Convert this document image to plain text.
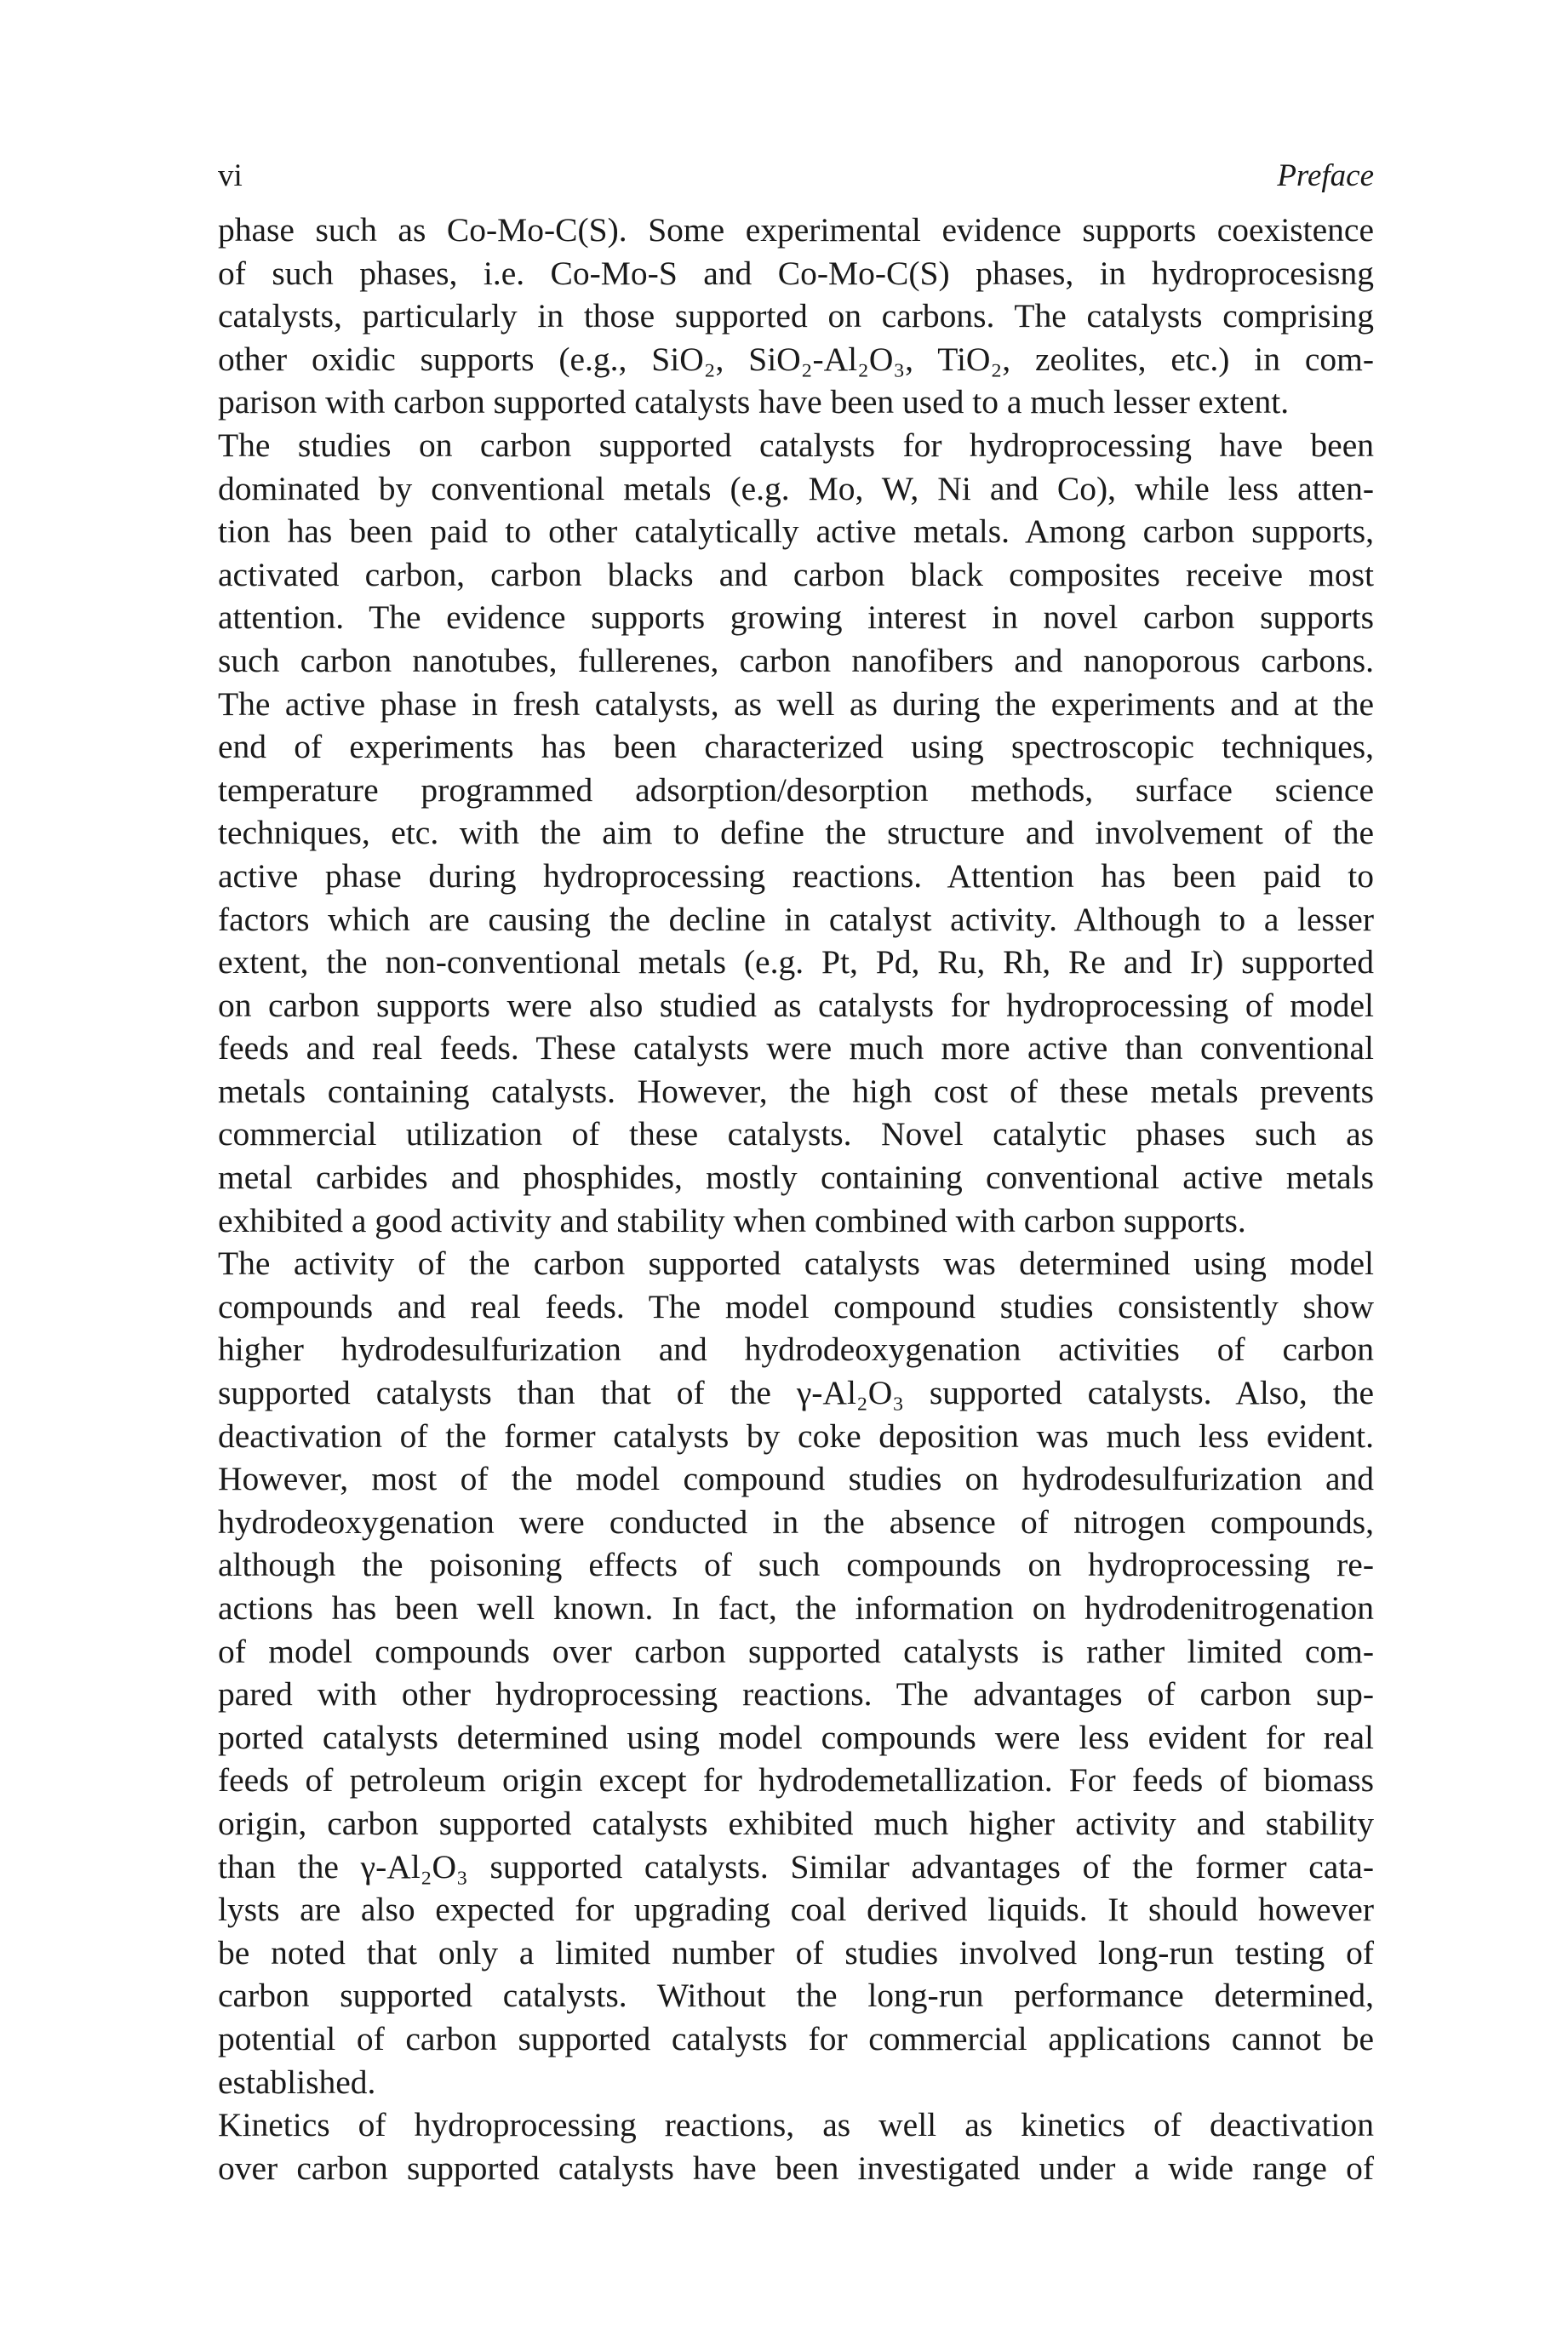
vi	Preface

phase such as Co-Mo-C(S). Some experimental evidence supports coexistence
of such phases, i.e. Co-Mo-S and Co-Mo-C(S) phases, in hydroprocesisng
catalysts, particularly in those supported on carbons. The catalysts comprising
other oxidic supports (e.g., SiO₂, SiO₂-Al₂O₃, TiO₂, zeolites, etc.) in com-
parison with carbon supported catalysts have been used to a much lesser extent.

The studies on carbon supported catalysts for hydroprocessing have been
dominated by conventional metals (e.g. Mo, W, Ni and Co), while less atten-
tion has been paid to other catalytically active metals. Among carbon supports,
activated carbon, carbon blacks and carbon black composites receive most
attention. The evidence supports growing interest in novel carbon supports
such carbon nanotubes, fullerenes, carbon nanofibers and nanoporous carbons.
The active phase in fresh catalysts, as well as during the experiments and at the
end of experiments has been characterized using spectroscopic techniques,
temperature programmed adsorption/desorption methods, surface science
techniques, etc. with the aim to define the structure and involvement of the
active phase during hydroprocessing reactions. Attention has been paid to
factors which are causing the decline in catalyst activity. Although to a lesser
extent, the non-conventional metals (e.g. Pt, Pd, Ru, Rh, Re and Ir) supported
on carbon supports were also studied as catalysts for hydroprocessing of model
feeds and real feeds. These catalysts were much more active than conventional
metals containing catalysts. However, the high cost of these metals prevents
commercial utilization of these catalysts. Novel catalytic phases such as
metal carbides and phosphides, mostly containing conventional active metals
exhibited a good activity and stability when combined with carbon supports.

The activity of the carbon supported catalysts was determined using model
compounds and real feeds. The model compound studies consistently show
higher hydrodesulfurization and hydrodeoxygenation activities of carbon
supported catalysts than that of the γ-Al₂O₃ supported catalysts. Also, the
deactivation of the former catalysts by coke deposition was much less evident.
However, most of the model compound studies on hydrodesulfurization and
hydrodeoxygenation were conducted in the absence of nitrogen compounds,
although the poisoning effects of such compounds on hydroprocessing re-
actions has been well known. In fact, the information on hydrodenitrogenation
of model compounds over carbon supported catalysts is rather limited com-
pared with other hydroprocessing reactions. The advantages of carbon sup-
ported catalysts determined using model compounds were less evident for real
feeds of petroleum origin except for hydrodemetallization. For feeds of biomass
origin, carbon supported catalysts exhibited much higher activity and stability
than the γ-Al₂O₃ supported catalysts. Similar advantages of the former cata-
lysts are also expected for upgrading coal derived liquids. It should however
be noted that only a limited number of studies involved long-run testing of
carbon supported catalysts. Without the long-run performance determined,
potential of carbon supported catalysts for commercial applications cannot be
established.

Kinetics of hydroprocessing reactions, as well as kinetics of deactivation
over carbon supported catalysts have been investigated under a wide range of
